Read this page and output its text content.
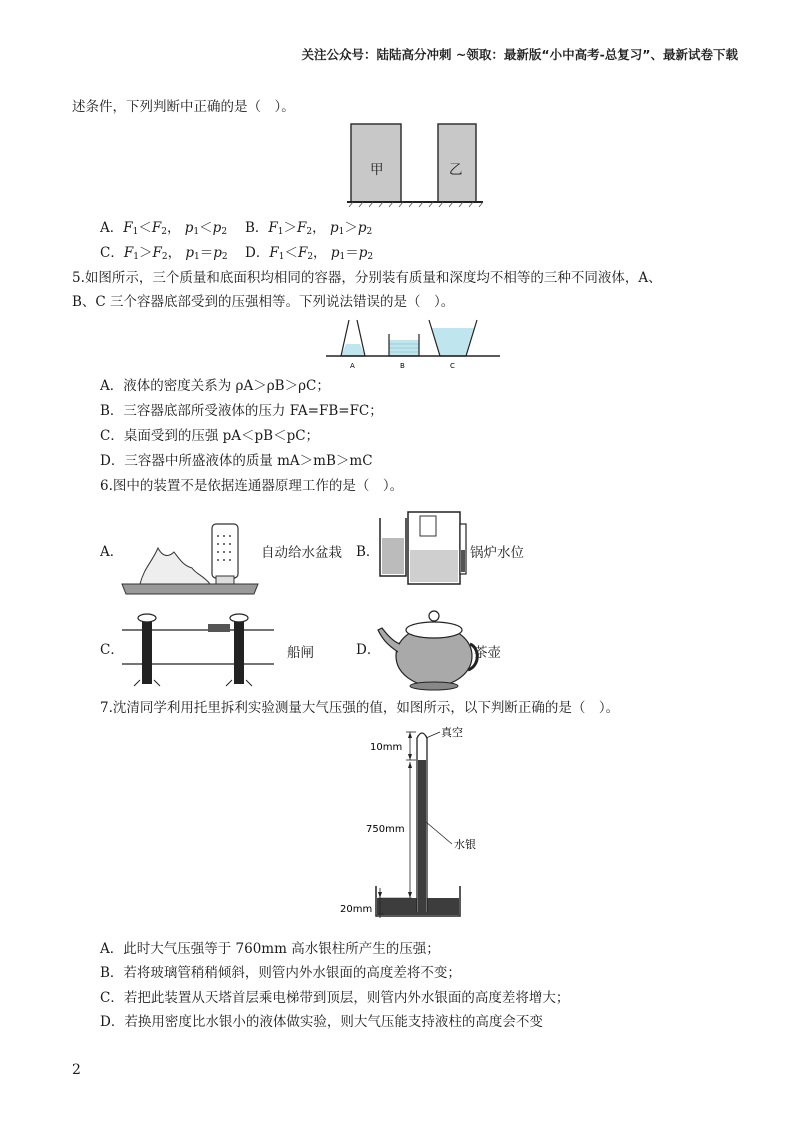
关注公众号：陆陆高分冲刺 ~领取：最新版“小中高考-总复习”、最新试卷下载
述条件，下列判断中正确的是（　）。
甲	乙
A．$F_1<F_2$， $p_1<p_2$ B．$F_1>F_2$， $p_1>p_2$
C．$F_1>F_2$， $p_1=p_2$ D．$F_1<F_2$， $p_1=p_2$
5.如图所示，三个质量和底面积均相同的容器，分别装有质量和深度均不相等的三种不同液体，A、
B、C 三个容器底部受到的压强相等。下列说法错误的是（　）。
A	B	C
A．液体的密度关系为 ρA＞ρB＞ρC；
B．三容器底部所受液体的压力 FA=FB=FC；
C．桌面受到的压强 pA＜pB＜pC；
D．三容器中所盛液体的质量 mA＞mB＞mC
6.图中的装置不是依据连通器原理工作的是（　）。
A．	自动给水盆栽 B．	锅炉水位
C．	船闸	D．	茶壶
7.沈清同学利用托里拆利实验测量大气压强的值，如图所示，以下判断正确的是（　）。
真空
水银
10mm
750mm
20mm
A．此时大气压强等于 760mm 高水银柱所产生的压强；
B．若将玻璃管稍稍倾斜，则管内外水银面的高度差将不变；
C．若把此装置从天塔首层乘电梯带到顶层，则管内外水银面的高度差将增大；
D．若换用密度比水银小的液体做实验，则大气压能支持液柱的高度会不变
2
